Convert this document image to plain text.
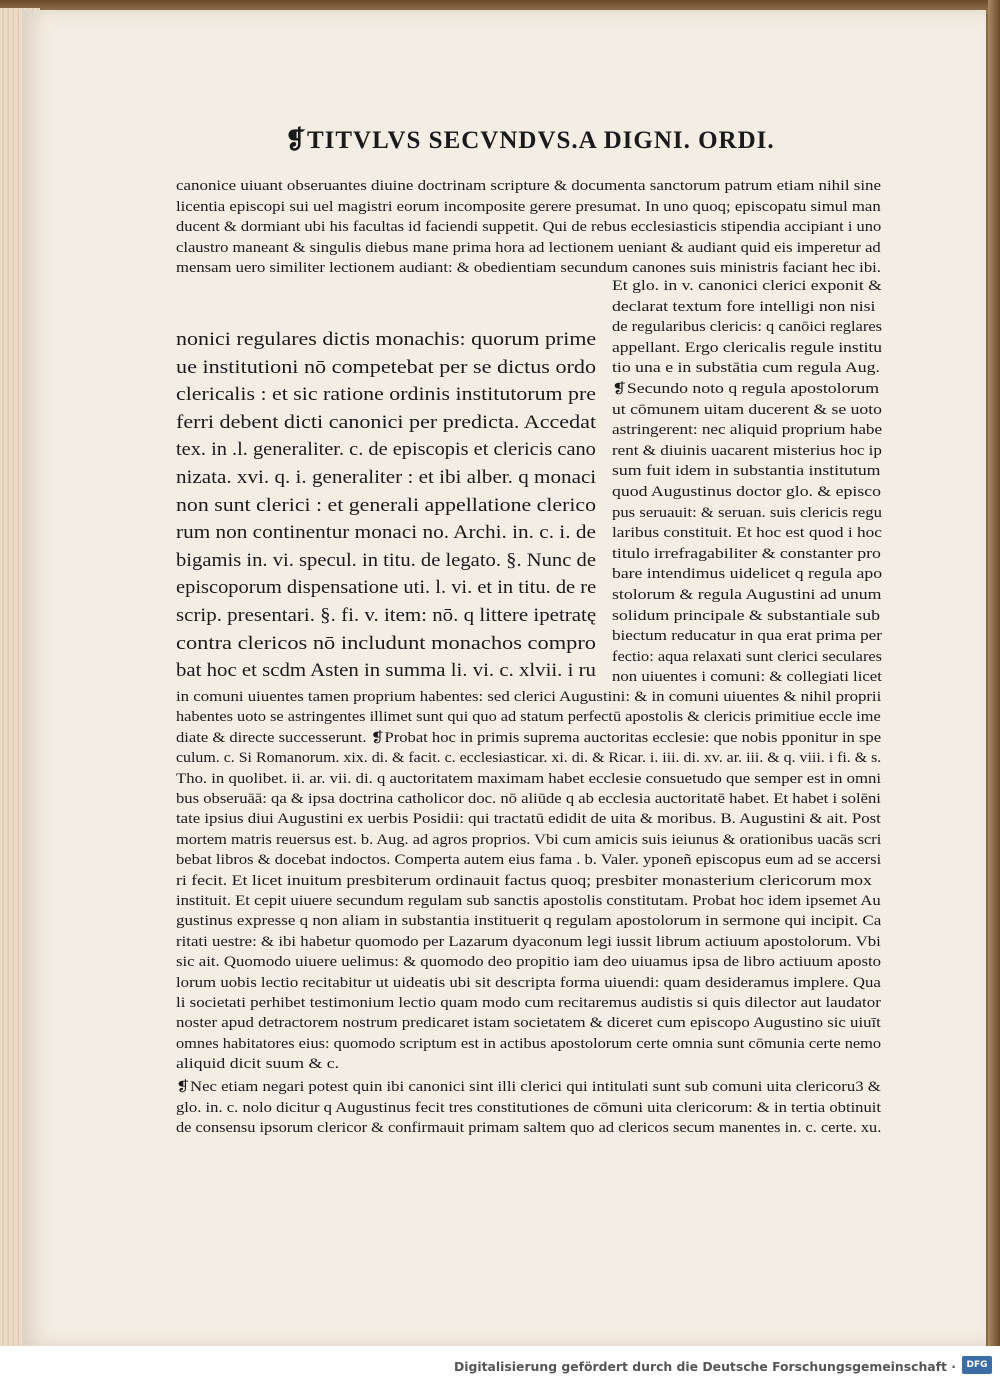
❡TITVLVS SECVNDVS.A DIGNI. ORDI.

canonice uiuant obseruantes diuine doctrinam scripture & documenta sanctorum patrum etiam nihil sine

licentia episcopi sui uel magistri eorum incomposite gerere presumat. In uno quoq; episcopatu simul man

ducent & dormiant ubi his facultas id faciendi suppetit. Qui de rebus ecclesiasticis stipendia accipiant i uno

claustro maneant & singulis diebus mane prima hora ad lectionem ueniant & audiant quid eis imperetur ad

mensam uero similiter lectionem audiant: & obedientiam secundum canones suis ministris faciant hec ibi.

nonici regulares dictis monachis: quorum prime

ue institutioni nō competebat per se dictus ordo

clericalis : et sic ratione ordinis institutorum pre

ferri debent dicti canonici per predicta. Accedat

tex. in .l. generaliter. c. de episcopis et clericis cano

nizata. xvi. q. i. generaliter : et ibi alber. q monaci

non sunt clerici : et generali appellatione clerico

rum non continentur monaci no. Archi. in. c. i. de

bigamis in. vi. specul. in titu. de legato. §. Nunc de

episcoporum dispensatione uti. l. vi. et in titu. de re

scrip. presentari. §. fi. v. item: nō. q littere ipetratę

contra clericos nō includunt monachos compro

bat hoc et scdm Asten in summa li. vi. c. xlvii. i ru

Et glo. in v. canonici clerici exponit &

declarat textum fore intelligi non nisi

de regularibus clericis: q canōici reglares

appellant. Ergo clericalis regule institu

tio una e in substātia cum regula Aug.

❡Secundo noto q regula apostolorum

ut cōmunem uitam ducerent & se uoto

astringerent: nec aliquid proprium habe

rent & diuinis uacarent misterius hoc ip

sum fuit idem in substantia institutum

quod Augustinus doctor glo. & episco

pus seruauit: & seruan. suis clericis regu

laribus constituit. Et hoc est quod i hoc

titulo irrefragabiliter & constanter pro

bare intendimus uidelicet q regula apo

stolorum & regula Augustini ad unum

solidum principale & substantiale sub

biectum reducatur in qua erat prima per

fectio: aqua relaxati sunt clerici seculares

non uiuentes i comuni: & collegiati licet

in comuni uiuentes tamen proprium habentes: sed clerici Augustini: & in comuni uiuentes & nihil proprii

habentes uoto se astringentes illimet sunt qui quo ad statum perfectū apostolis & clericis primitiue eccle ime

diate & directe successerunt. ❡Probat hoc in primis suprema auctoritas ecclesie: que nobis pponitur in spe

culum. c. Si Romanorum. xix. di. & facit. c. ecclesiasticar. xi. di. & Ricar. i. iii. di. xv. ar. iii. & q. viii. i fi. & s.

Tho. in quolibet. ii. ar. vii. di. q auctoritatem maximam habet ecclesie consuetudo que semper est in omni

bus obseruāā: qa & ipsa doctrina catholicor doc. nō aliūde q ab ecclesia auctoritatē habet. Et habet i solēni

tate ipsius diui Augustini ex uerbis Posidii: qui tractatū edidit de uita & moribus. B. Augustini & ait. Post

mortem matris reuersus est. b. Aug. ad agros proprios. Vbi cum amicis suis ieiunus & orationibus uacās scri

bebat libros & docebat indoctos. Comperta autem eius fama . b. Valer. yponeñ episcopus eum ad se accersi

ri fecit. Et licet inuitum presbiterum ordinauit factus quoq; presbiter monasterium clericorum mox

instituit. Et cepit uiuere secundum regulam sub sanctis apostolis constitutam. Probat hoc idem ipsemet Au

gustinus expresse q non aliam in substantia instituerit q regulam apostolorum in sermone qui incipit. Ca

ritati uestre: & ibi habetur quomodo per Lazarum dyaconum legi iussit librum actiuum apostolorum. Vbi

sic ait. Quomodo uiuere uelimus: & quomodo deo propitio iam deo uiuamus ipsa de libro actiuum aposto

lorum uobis lectio recitabitur ut uideatis ubi sit descripta forma uiuendi: quam desideramus implere. Qua

li societati perhibet testimonium lectio quam modo cum recitaremus audistis si quis dilector aut laudator

noster apud detractorem nostrum predicaret istam societatem & diceret cum episcopo Augustino sic uiuīt

omnes habitatores eius: quomodo scriptum est in actibus apostolorum certe omnia sunt cōmunia certe nemo

aliquid dicit suum & c.

❡Nec etiam negari potest quin ibi canonici sint illi clerici qui intitulati sunt sub comuni uita clericoru3 &

glo. in. c. nolo dicitur q Augustinus fecit tres constitutiones de cōmuni uita clericorum: & in tertia obtinuit

de consensu ipsorum clericor & confirmauit primam saltem quo ad clericos secum manentes in. c. certe. xu.

Digitalisierung gefördert durch die Deutsche Forschungsgemeinschaft ·	DFG
